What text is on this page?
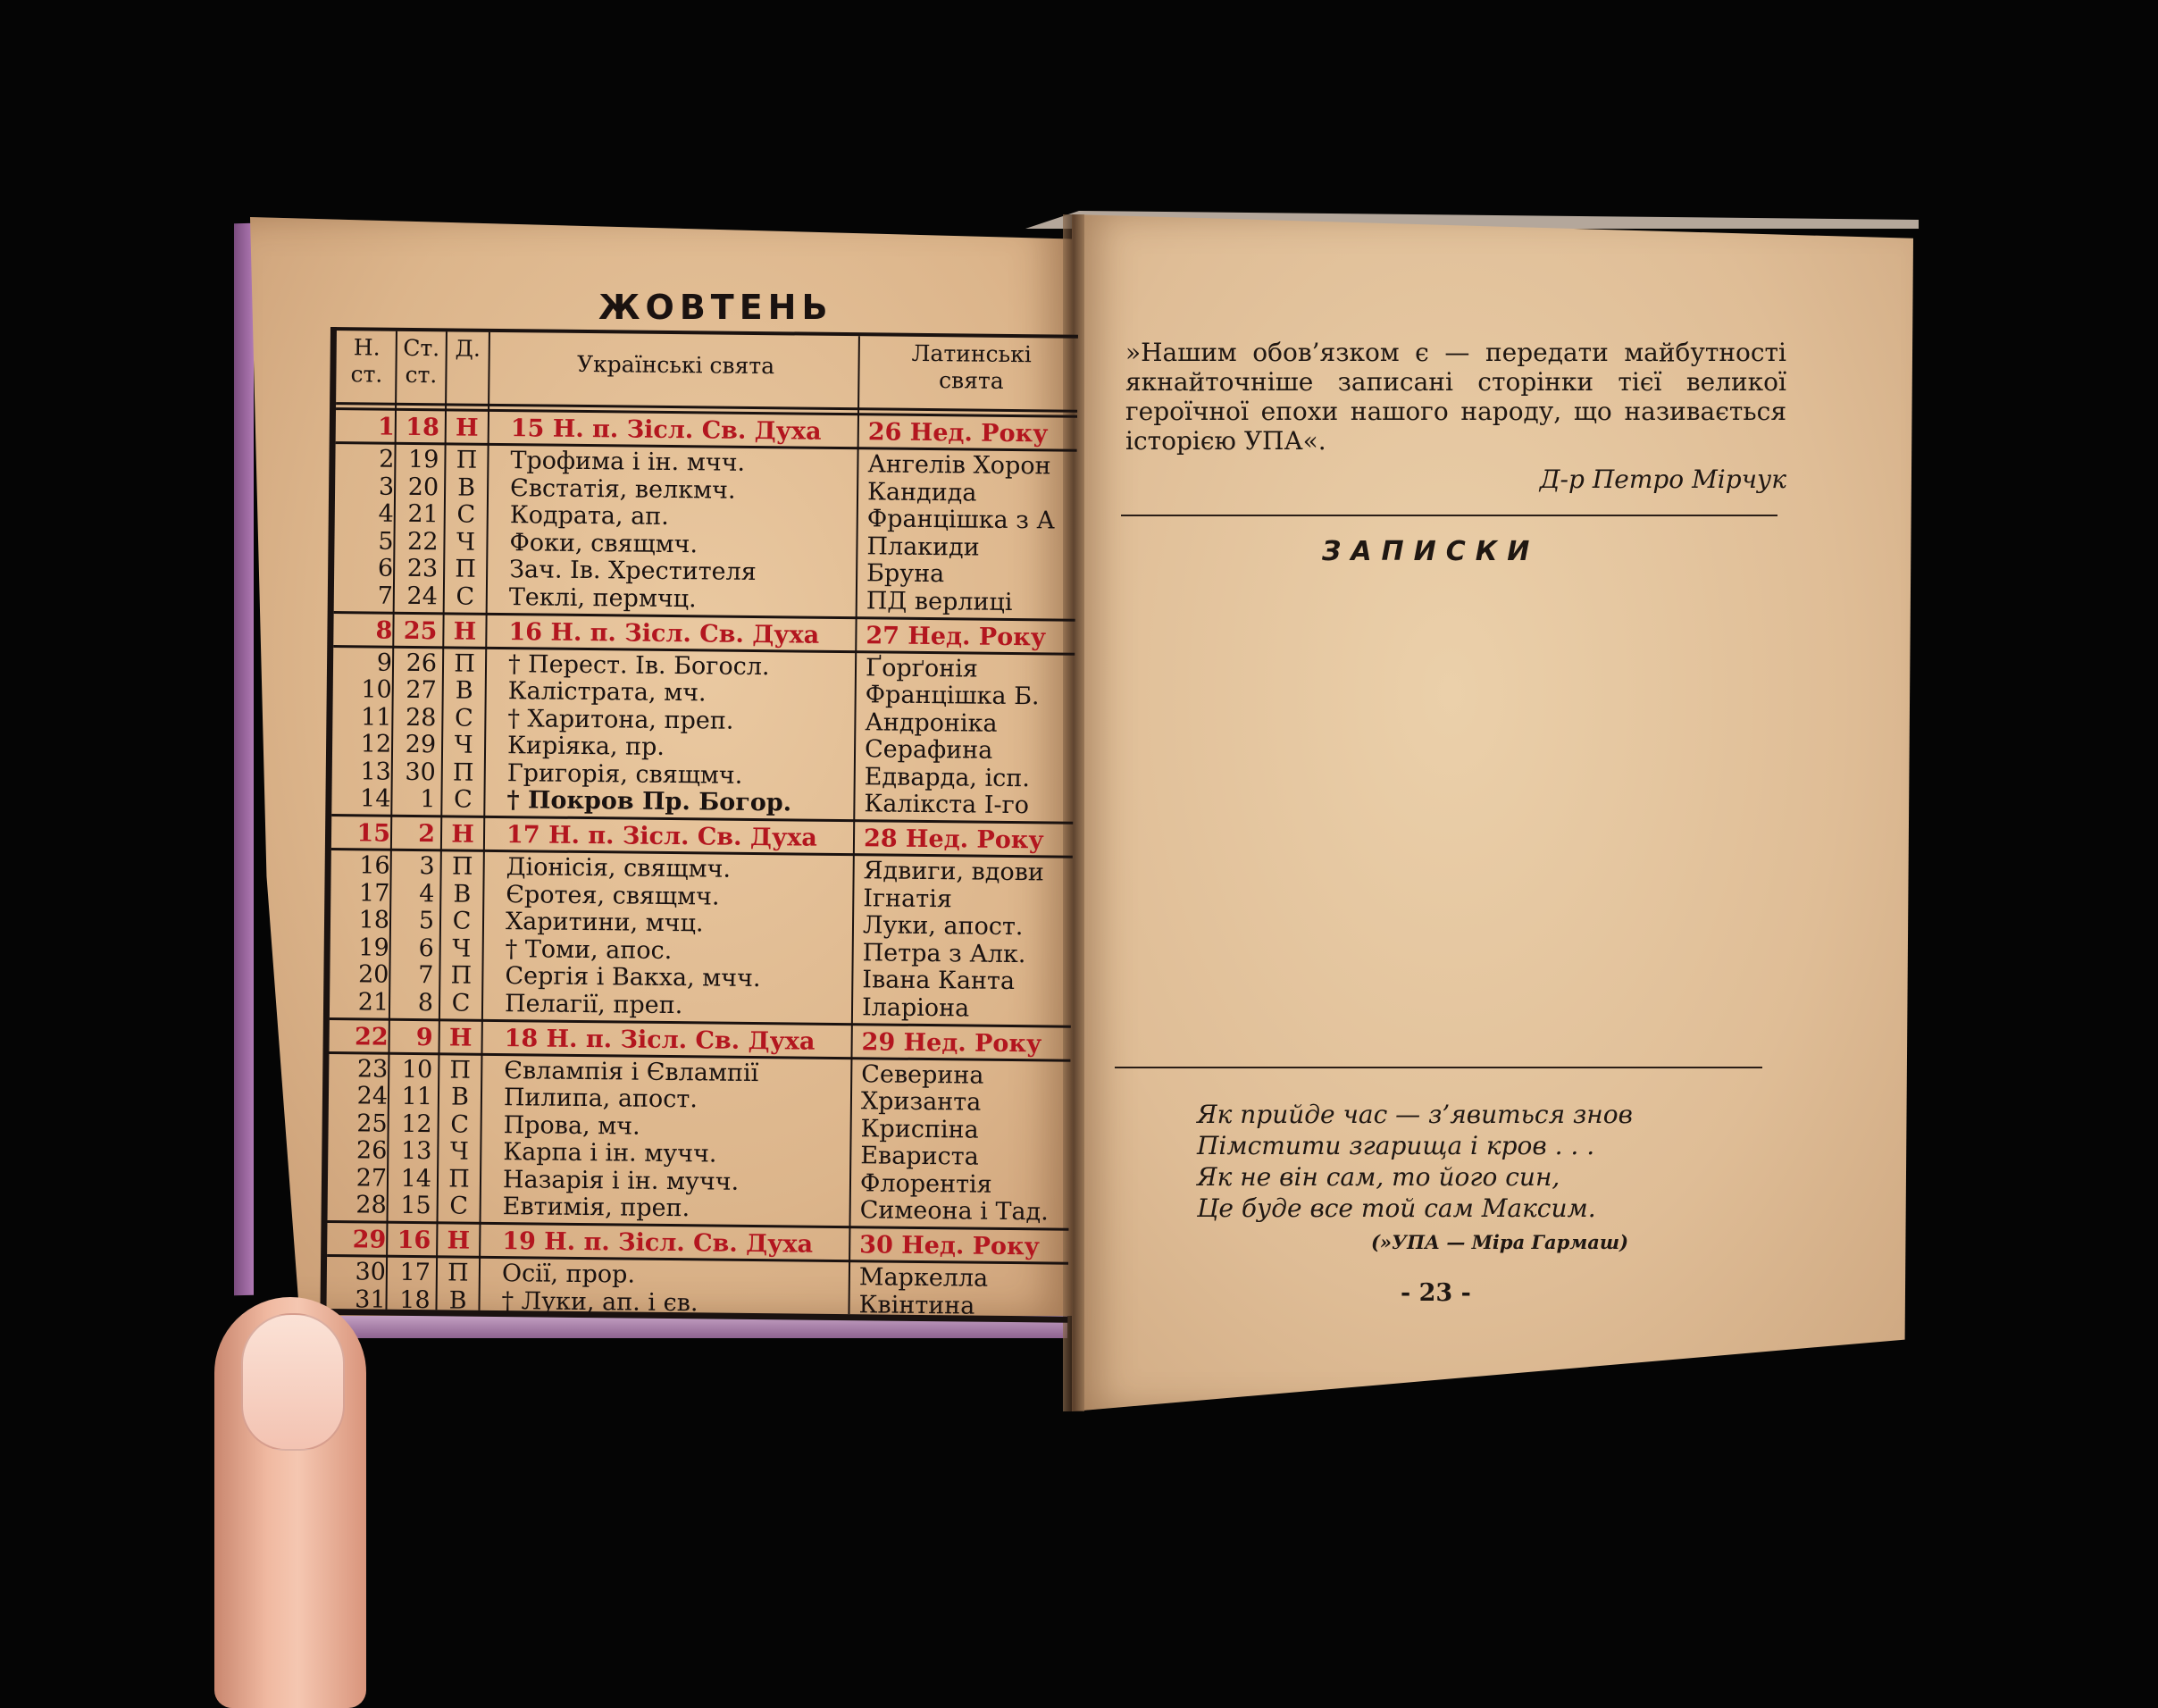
ЖОВТЕНЬ
Н.
ст.
Ст.
ст.
Д.
Українські свята	Латинські
свята
1 18 Н 15 Н. п. Зісл. Св. Духа	26 Нед. Року
2 19 П Трофима і ін. мчч.	Ангелів Хорон
3 20 В	Євстатія, велкмч.	Кандида
4 21 С	Кодрата, ап.	Францішка з А
5 22 Ч	Фоки, свящмч.	Плакиди
6 23 П Зач. Ів. Хрестителя	Бруна
7 24 С	Теклі, пермчц.	ПД верлиці
8 25 Н 16 Н. п. Зісл. Св. Духа	27 Нед. Року
9 26 П † Перест. Ів. Богосл.	Ґорґонія
10 27 В	Калістрата, мч.	Францішка Б.
11 28 С	† Харитона, преп.	Андроніка
12 29 Ч	Киріяка, пр.	Серафина
13 30 П Григорія, свящмч.	Едварда, ісп.
14	1 С	† Покров Пр. Богор.	Калікста I-го
15	2 Н 17 Н. п. Зісл. Св. Духа	28 Нед. Року
16	3 П Діонісія, свящмч.	Ядвиги, вдови
17	4 В	Єротея, свящмч.	Ігнатія
18	5 С	Харитини, мчц.	Луки, апост.
19	6 Ч	† Томи, апос.	Петра з Алк.
20	7 П Сергія і Вакха, мчч.	Івана Канта
21	8 С	Пелагії, преп.	Іларіона
22	9 Н 18 Н. п. Зісл. Св. Духа	29 Нед. Року
23 10 П Євлампія і Євлампії	Северина
24 11 В	Пилипа, апост.	Хризанта
25 12 С	Прова, мч.	Криспіна
26 13 Ч	Карпа і ін. мучч.	Евариста
27 14 П Назарія і ін. мучч.	Флорентія
28 15 С	Евтимія, преп.	Симеона і Тад.
29 16 Н 19 Н. п. Зісл. Св. Духа	30 Нед. Року
30 17 П Осії, прор.	Маркелла
31 18 В	† Луки, ап. і єв.	Квінтина
»Нашим обов’язком є — передати майбутності якнайточніше записані сторінки тієї великої героїчної епохи нашого народу, що називається історією УПА«.
Д-р Петро Мірчук
ЗАПИСКИ
Як прийде час — з’явиться знов
Пімстити згарища і кров . . .
Як не він сам, то його син,
Це буде все той сам Максим.
(»УПА — Міра Гармаш)
- 23 -
